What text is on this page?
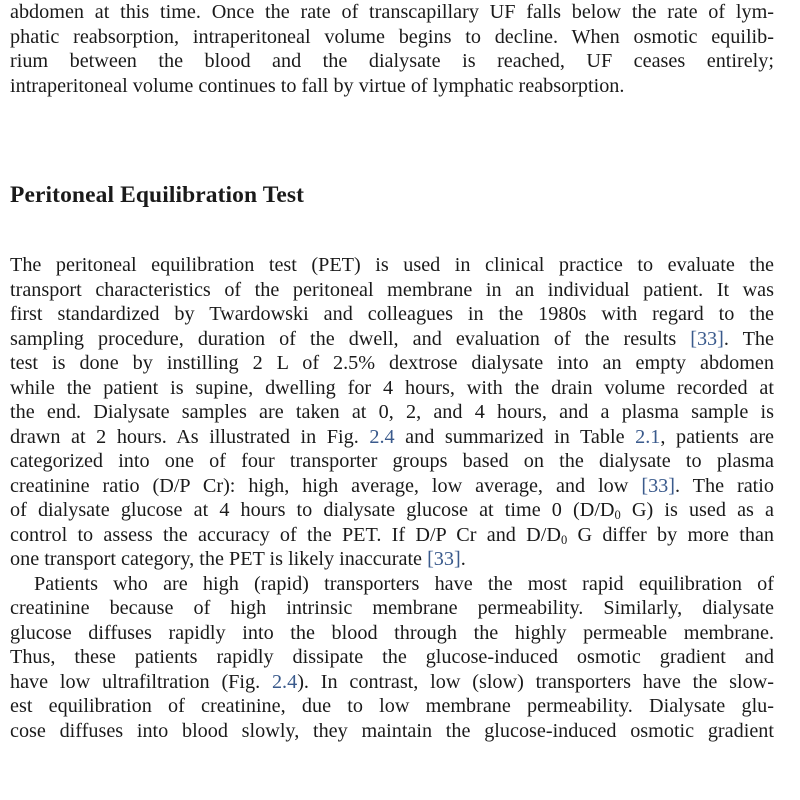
abdomen at this time. Once the rate of transcapillary UF falls below the rate of lym-
phatic reabsorption, intraperitoneal volume begins to decline. When osmotic equilib-
rium between the blood and the dialysate is reached, UF ceases entirely;
intraperitoneal volume continues to fall by virtue of lymphatic reabsorption.
Peritoneal Equilibration Test
The peritoneal equilibration test (PET) is used in clinical practice to evaluate the
transport characteristics of the peritoneal membrane in an individual patient. It was
first standardized by Twardowski and colleagues in the 1980s with regard to the
sampling procedure, duration of the dwell, and evaluation of the results [33]. The
test is done by instilling 2 L of 2.5% dextrose dialysate into an empty abdomen
while the patient is supine, dwelling for 4 hours, with the drain volume recorded at
the end. Dialysate samples are taken at 0, 2, and 4 hours, and a plasma sample is
drawn at 2 hours. As illustrated in Fig. 2.4 and summarized in Table 2.1, patients are
categorized into one of four transporter groups based on the dialysate to plasma
creatinine ratio (D/P Cr): high, high average, low average, and low [33]. The ratio
of dialysate glucose at 4 hours to dialysate glucose at time 0 ($D/D_0$ G) is used as a
control to assess the accuracy of the PET. If D/P Cr and $D/D_0$ G differ by more than
one transport category, the PET is likely inaccurate [33].
Patients who are high (rapid) transporters have the most rapid equilibration of
creatinine because of high intrinsic membrane permeability. Similarly, dialysate
glucose diffuses rapidly into the blood through the highly permeable membrane.
Thus, these patients rapidly dissipate the glucose-induced osmotic gradient and
have low ultrafiltration (Fig. 2.4). In contrast, low (slow) transporters have the slow-
est equilibration of creatinine, due to low membrane permeability. Dialysate glu-
cose diffuses into blood slowly, they maintain the glucose-induced osmotic gradient
